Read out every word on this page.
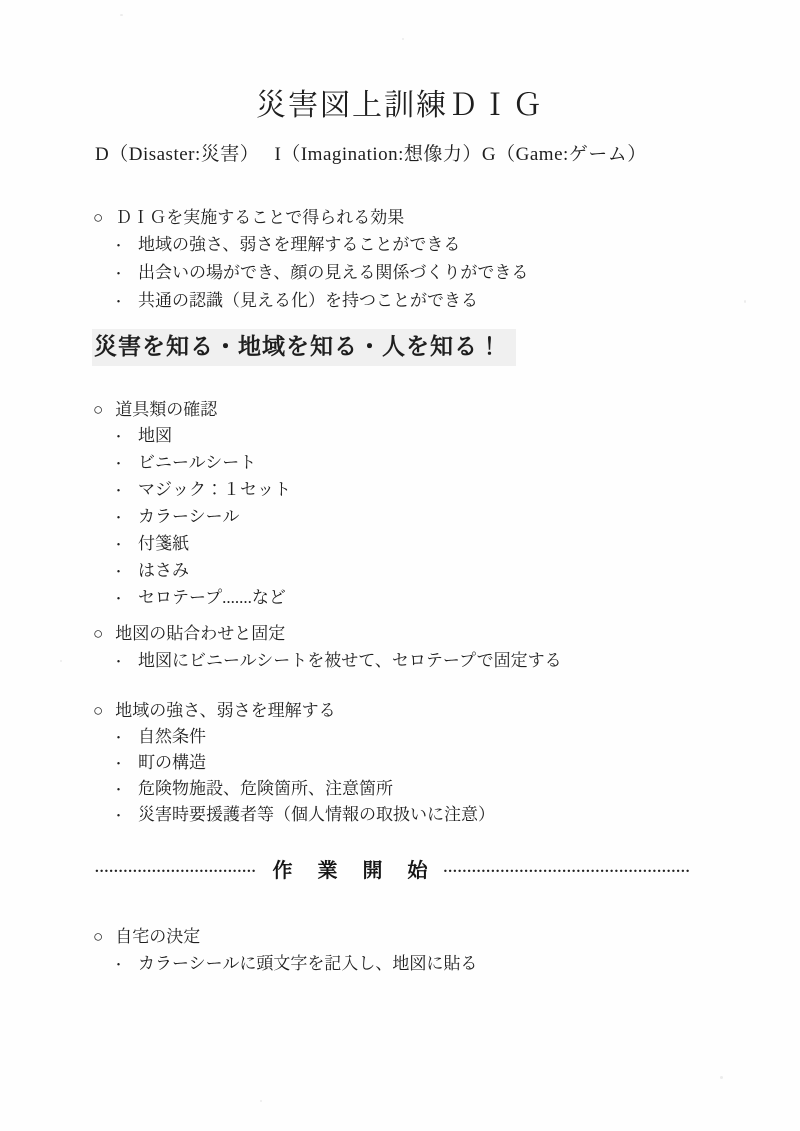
災害図上訓練ＤＩＧ

D（Disaster:災害）　 I（Imagination:想像力）G（Game:ゲーム）

○ ＤＩＧを実施することで得られる効果
・ 地域の強さ、弱さを理解することができる
・ 出会いの場ができ、顔の見える関係づくりができる
・ 共通の認識（見える化）を持つことができる
災害を知る・地域を知る・人を知る！
○ 道具類の確認
・ 地図
・ ビニールシート
・ マジック：１セット
・ カラーシール
・ 付箋紙
・ はさみ
・ セロテープ.......など
○ 地図の貼合わせと固定
・ 地図にビニールシートを被せて、セロテープで固定する
○ 地域の強さ、弱さを理解する
・ 自然条件
・ 町の構造
・ 危険物施設、危険箇所、注意箇所
・ 災害時要援護者等（個人情報の取扱いに注意）
.................................. 作 業 開 始 ....................................................
○ 自宅の決定
・ カラーシールに頭文字を記入し、地図に貼る
